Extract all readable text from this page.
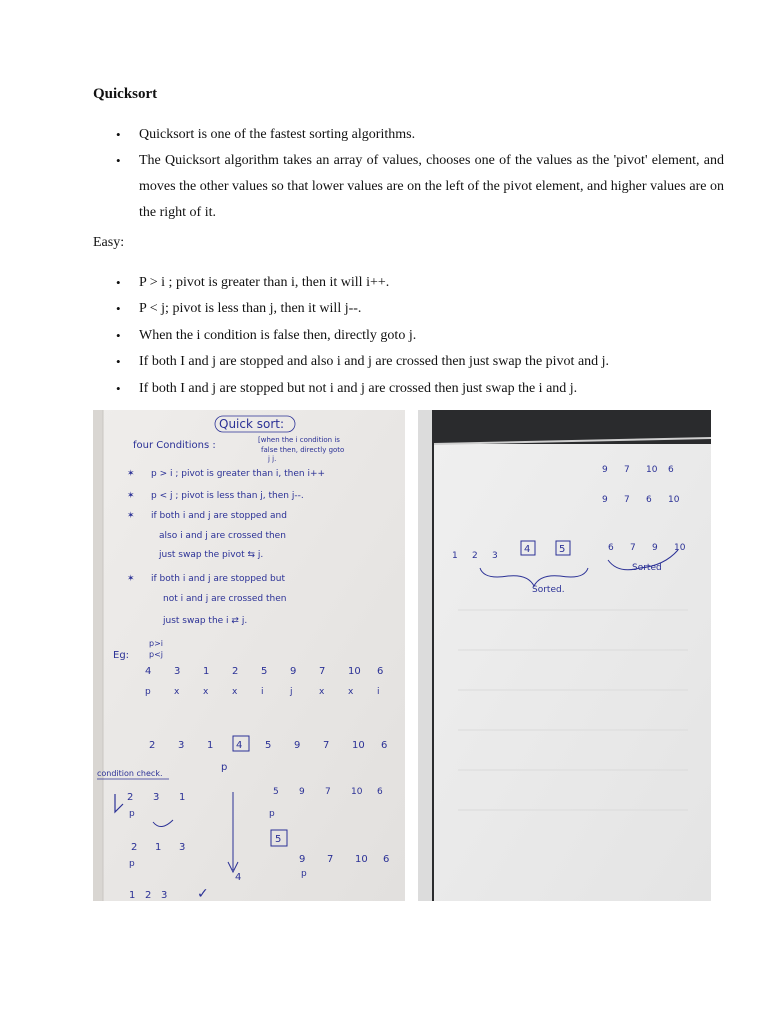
Quicksort
• Quicksort is one of the fastest sorting algorithms.
• The Quicksort algorithm takes an array of values, chooses one of the values as the 'pivot' element, and moves the other values so that lower values are on the left of the pivot element, and higher values are on the right of it.
Easy:
• P > i ; pivot is greater than i, then it will i++.
• P < j; pivot is less than j, then it will j--.
• When the i condition is false then, directly goto j.
• If both I and j are stopped and also i and j are crossed then just swap the pivot and j.
• If both I and j are stopped but not i and j are crossed then just swap the i and j.
Quick sort:
four Conditions :	[when the i condition is
false then, directly goto
j j.
✶ p > i ; pivot is greater than i, then i++
✶ p < j ; pivot is less than j, then j--.
✶ if both i and j are stopped and
also i and j are crossed then
just swap the pivot ⇆ j.
✶ if both i and j are stopped but
not i and j are crossed then
just swap the i ⇄ j.
Eg:
p>i
p<j
4 3 1 2 5 9 7 10 6
p	x	x	x	i	j	x	x	i
2 3 1 4 5 9 7 10 6
p
condition check.
2 3 1
2 1 3
1 2 3
5 9 7 10 6
9 7 10 6
p
p
p
p
4
5
✓
9 7 10 6
9 7 6 10
6 7 9 10
1 2 3
4	5
Sorted.
Sorted
